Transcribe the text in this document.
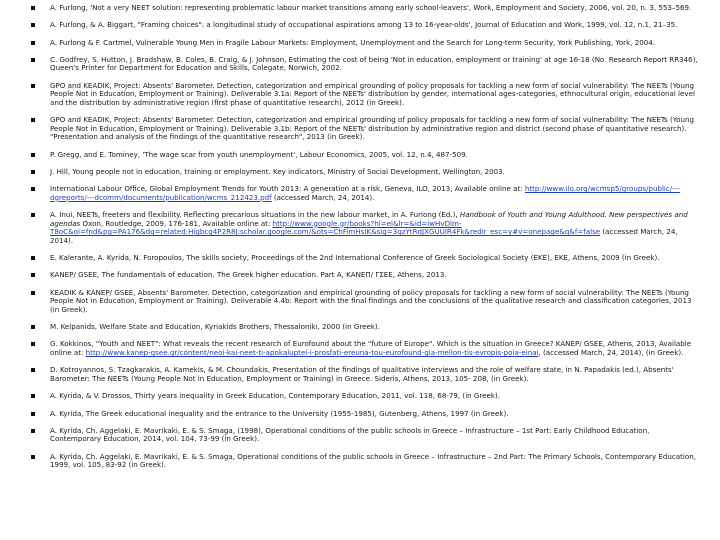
A. Furlong, 'Not a very NEET solution: representing problematic labour market transitions among early school-leavers', Work, Employment and Society, 2006, vol. 20, n. 3, 553–569.
A. Furlong, & A. Biggart, "Framing choices": a longitudinal study of occupational aspirations among 13 to 16-year-olds', Journal of Education and Work, 1999, vol. 12, n.1, 21–35.
A. Furlong & F. Cartmel, Vulnerable Young Men in Fragile Labour Markets: Employment, Unemployment and the Search for Long-term Security, York Publishing, York, 2004.
C. Godfrey, S. Hutton, J. Bradshaw, B. Coles, B. Craig, & J. Johnson, Estimating the cost of being 'Not in education, employment or training' at age 16-18 (No. Research Report RR346), Queen's Printer for Department for Education and Skills, Colegate, Norwich, 2002.
GPO and KEADIK, Project: Absents' Barometer. Detection, categorization and empirical grounding of policy proposals for tackling a new form of social vulnerability: The NEETs (Young People Not in Education, Employment or Training). Deliverable 3.1a: Report of the NEETs' distribution by gender, international ages-categories, ethnocultural origin, educational level and the distribution by administrative region (first phase of quantitative research), 2012 (in Greek).
GPO and KEADIK, Project: Absents' Barometer. Detection, categorization and empirical grounding of policy proposals for tackling a new form of social vulnerability: The NEETs (Young People Not in Education, Employment or Training). Deliverable 3.1b: Report of the NEETs' distribution by administrative region and district (second phase of quantitative research). "Presentation and analysis of the findings of the quantitative research", 2013 (in Greek).
P. Gregg, and E. Tominey, 'The wage scar from youth unemployment', Labour Economics, 2005, vol. 12, n.4, 487-509.
J. Hill, Young people not in education, training or employment. Key indicators, Ministry of Social Development, Wellington, 2003.
International Labour Office, Global Employment Trends for Youth 2013: A generation at a risk, Geneva, ILO, 2013, Available online at: http://www.ilo.org/wcmsp5/groups/public/---dgreports/---dcomm/documents/publication/wcms_212423.pdf (accessed March, 24, 2014).
A. Inui, NEETs, freeters and flexibility. Reflecting precarious situations in the new labour market, in A. Furlong (Ed.), Handbook of Youth and Young Adulthood. New perspectives and agendas Oxon, Routledge, 2009, 176-181, Available online at: http://www.google.gr/books?hl=el&lr=&id=iwHvDlm-T8oC&oi=fnd&pg=PA176&dq=related:Higbcg4P2R8J:scholar.google.com/&ots=ChFimHsIK&sig=3qzYtRdJXGUUIR4Fk&redir_esc=y#v=onepage&q&f=false (accessed March, 24, 2014).
E. Kalerante, A. Kyrida, N. Foropoulos, The skills society, Proceedings of the 2nd International Conference of Greek Sociological Society (EKE), EKE, Athens, 2009 (in Greek).
KANEP/ GSEE, The fundamentals of education. The Greek higher education. Part A, ΚΑΝΕΠ/ ΓΣΕΕ, Athens, 2013.
KEADIK & KANEP/ GSEE, Absents' Barometer. Detection, categorization and empirical grounding of policy proposals for tackling a new form of social vulnerability: The NEETs (Young People Not in Education, Employment or Training). Deliverable 4.4b: Report with the final findings and the conclusions of the qualitative research and classification categories, 2013 (in Greek).
M. Kelpanids, Welfare State and Education, Kyriakids Brothers, Thessaloniki, 2000 (in Greek).
G. Kokkinos, "Youth and NEET": What reveals the recent research of Eurofound about the "future of Europe". Which is the situation in Greece? KANEP/ GSEE, Athens, 2013, Available online at: http://www.kanep-gsee.gr/content/neoi-kai-neet-ti-apokaluptei-i-prosfati-ereuna-tou-eurofound-gia-mellon-tis-evropis-poia-einai, (accessed March, 24, 2014), (in Greek).
D. Kotroyannos, S. Tzagkarakis, A. Kamekis, & M. Choundakis, Presentation of the findings of qualitative interviews and the role of welfare state, in N. Papadakis (ed.), Absents' Barometer: The NEETs (Young People Not in Education, Employment or Training) in Greece. Sideris, Athens, 2013, 105- 208, (in Greek).
A. Kyrida, & V. Drossos, Thirty years inequality in Greek Education, Contemporary Education, 2011, vol. 118, 68-79, (in Greek).
A. Kyrida, The Greek educational inequality and the entrance to the University (1955-1985), Gutenberg, Athens, 1997 (in Greek).
A. Kyrida, Ch. Aggelaki, E. Mavrikaki, E. & S. Smaga, (1998), Operational conditions of the public schools in Greece – Infrastructure – 1st Part: Early Childhood Education, Contemporary Education, 2014, vol. 104, 73-99 (in Greek).
A. Kyrida, Ch. Aggelaki, E. Mavrikaki, E. & S. Smaga, Operational conditions of the public schools in Greece – Infrastructure – 2nd Part: The Primary Schools, Contemporary Education, 1999, vol. 105, 83-92 (in Greek).
